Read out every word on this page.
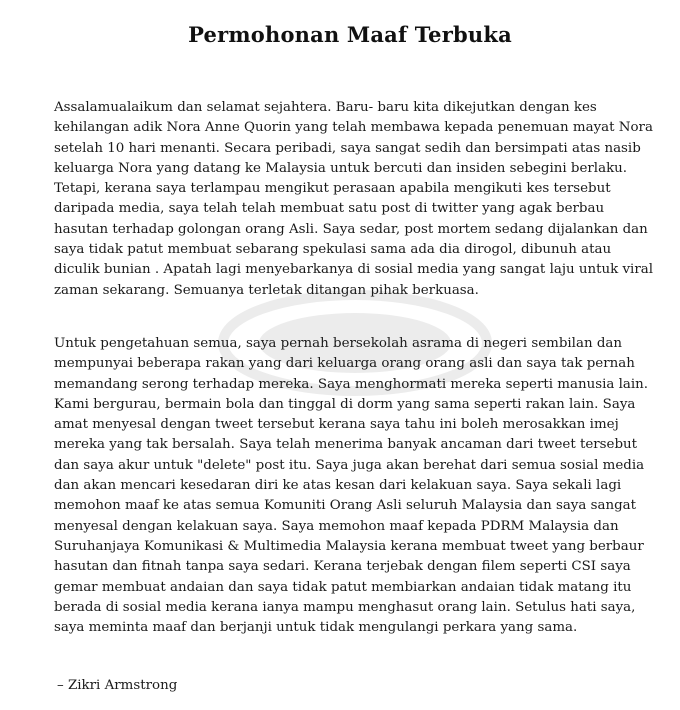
Permohonan Maaf Terbuka

Assalamualaikum dan selamat sejahtera. Baru- baru kita dikejutkan dengan kes
kehilangan adik Nora Anne Quorin yang telah membawa kepada penemuan mayat Nora
setelah 10 hari menanti. Secara peribadi, saya sangat sedih dan bersimpati atas nasib
keluarga Nora yang datang ke Malaysia untuk bercuti dan insiden sebegini berlaku.
Tetapi, kerana saya terlampau mengikut perasaan apabila mengikuti kes tersebut
daripada media, saya telah telah membuat satu post di twitter yang agak berbau
hasutan terhadap golongan orang Asli. Saya sedar, post mortem sedang dijalankan dan
saya tidak patut membuat sebarang spekulasi sama ada dia dirogol, dibunuh atau
diculik bunian . Apatah lagi menyebarkanya di sosial media yang sangat laju untuk viral
zaman sekarang. Semuanya terletak ditangan pihak berkuasa.

Untuk pengetahuan semua, saya pernah bersekolah asrama di negeri sembilan dan
mempunyai beberapa rakan yang dari keluarga orang orang asli dan saya tak pernah
memandang serong terhadap mereka. Saya menghormati mereka seperti manusia lain.
Kami bergurau, bermain bola dan tinggal di dorm yang sama seperti rakan lain. Saya
amat menyesal dengan tweet tersebut kerana saya tahu ini boleh merosakkan imej
mereka yang tak bersalah. Saya telah menerima banyak ancaman dari tweet tersebut
dan saya akur untuk "delete" post itu. Saya juga akan berehat dari semua sosial media
dan akan mencari kesedaran diri ke atas kesan dari kelakuan saya. Saya sekali lagi
memohon maaf ke atas semua Komuniti Orang Asli seluruh Malaysia dan saya sangat
menyesal dengan kelakuan saya. Saya memohon maaf kepada PDRM Malaysia dan
Suruhanjaya Komunikasi & Multimedia Malaysia kerana membuat tweet yang berbaur
hasutan dan fitnah tanpa saya sedari. Kerana terjebak dengan filem seperti CSI saya
gemar membuat andaian dan saya tidak patut membiarkan andaian tidak matang itu
berada di sosial media kerana ianya mampu menghasut orang lain. Setulus hati saya,
saya meminta maaf dan berjanji untuk tidak mengulangi perkara yang sama.

– Zikri Armstrong
